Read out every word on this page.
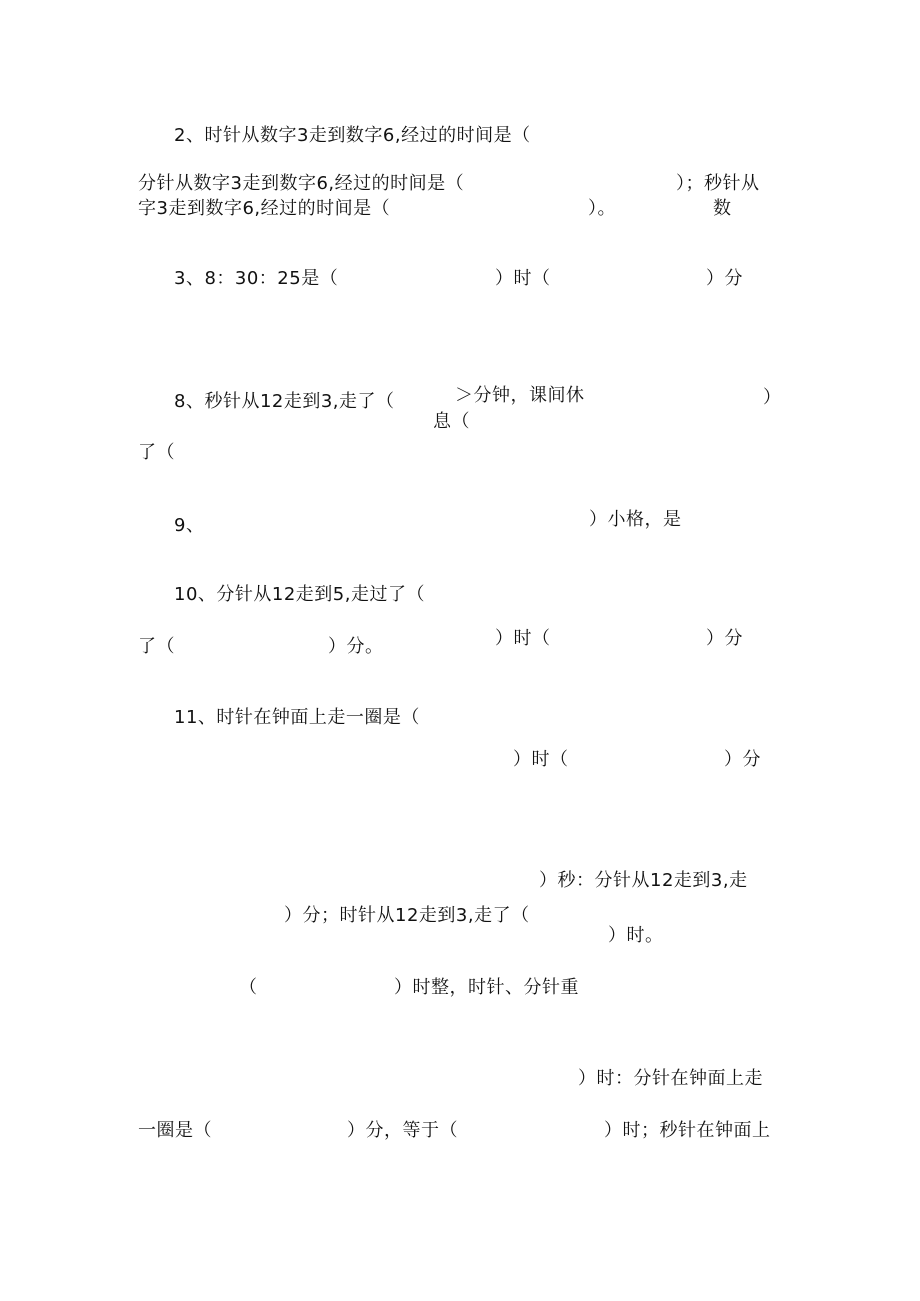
2、时针从数字3走到数字6,经过的时间是（
分针从数字3走到数字6,经过的时间是（	）；秒针从
字3走到数字6,经过的时间是（	）。	数
3、8：30：25是（	）时（	）分
8、秒针从12走到3,走了（	＞分钟，课间休	）
息（
了（
9、	）小格，是
10、分针从12走到5,走过了（
了（	）分。	）时（	）分
11、时针在钟面上走一圈是（
）时（	）分
）秒：分针从12走到3,走
）分；时针从12走到3,走了（
）时。
（	）时整，时针、分针重
）时：分针在钟面上走
一圈是（	）分，等于（	）时；秒针在钟面上
